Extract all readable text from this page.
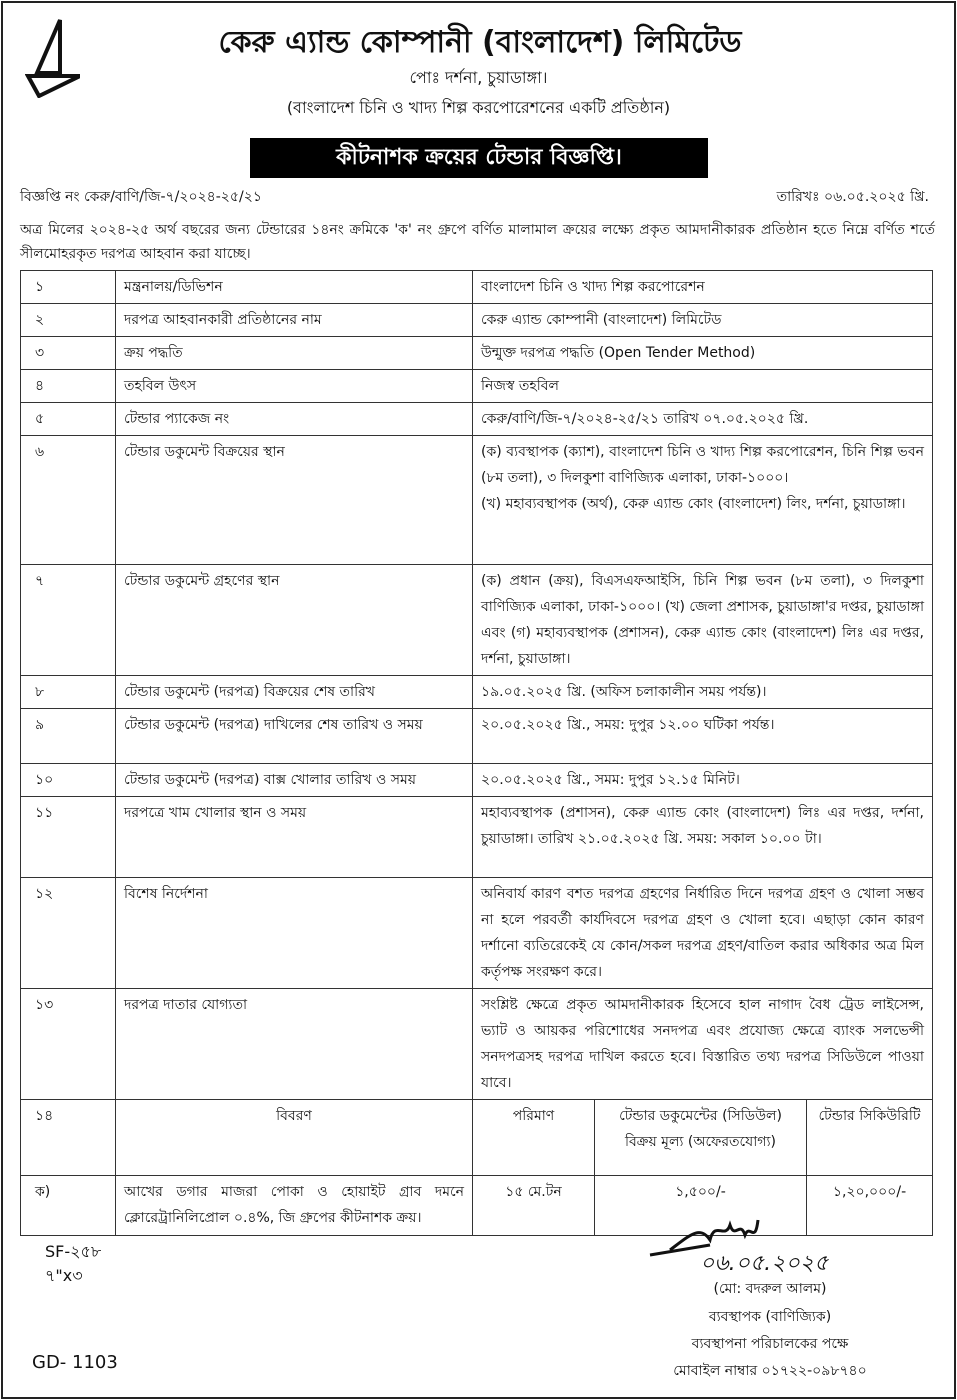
কেরু এ্যান্ড কোম্পানী (বাংলাদেশ) লিমিটেড
পোঃ দর্শনা, চুয়াডাঙ্গা।
(বাংলাদেশ চিনি ও খাদ্য শিল্প করপোরেশনের একটি প্রতিষ্ঠান)
কীটনাশক ক্রয়ের টেন্ডার বিজ্ঞপ্তি।
বিজ্ঞপ্তি নং কেরু/বাণি/জি-৭/২০২৪-২৫/২১	তারিখঃ ০৬.০৫.২০২৫ খ্রি.
অত্র মিলের ২০২৪-২৫ অর্থ বছরের জন্য টেন্ডারের ১৪নং ক্রমিকে 'ক' নং গ্রুপে বর্ণিত মালামাল ক্রয়ের লক্ষ্যে প্রকৃত আমদানীকারক প্রতিষ্ঠান হতে নিম্নে বর্ণিত শর্তে সীলমোহরকৃত দরপত্র আহবান করা যাচ্ছে।
১	মন্ত্রনালয়/ডিভিশন	বাংলাদেশ চিনি ও খাদ্য শিল্প করপোরেশন		

২	দরপত্র আহবানকারী প্রতিষ্ঠানের নাম	কেরু এ্যান্ড কোম্পানী (বাংলাদেশ) লিমিটেড		

৩	ক্রয় পদ্ধতি	উন্মুক্ত দরপত্র পদ্ধতি (Open Tender Method)		

৪	তহবিল উৎস	নিজস্ব তহবিল		

৫	টেন্ডার প্যাকেজ নং	কেরু/বাণি/জি-৭/২০২৪-২৫/২১ তারিখ ০৭.০৫.২০২৫ খ্রি.		

৬	টেন্ডার ডকুমেন্ট বিক্রয়ের স্থান	(ক) ব্যবস্থাপক (ক্যাশ), বাংলাদেশ চিনি ও খাদ্য শিল্প করপোরেশন, চিনি শিল্প ভবন (৮ম তলা), ৩ দিলকুশা বাণিজ্যিক এলাকা, ঢাকা-১০০০।
(খ) মহাব্যবস্থাপক (অর্থ), কেরু এ্যান্ড কোং (বাংলাদেশ) লিং, দর্শনা, চুয়াডাঙ্গা।		

৭	টেন্ডার ডকুমেন্ট গ্রহণের স্থান	(ক) প্রধান (ক্রয়), বিএসএফআইসি, চিনি শিল্প ভবন (৮ম তলা), ৩ দিলকুশা বাণিজ্যিক এলাকা, ঢাকা-১০০০। (খ) জেলা প্রশাসক, চুয়াডাঙ্গা'র দপ্তর, চুয়াডাঙ্গা এবং (গ) মহাব্যবস্থাপক (প্রশাসন), কেরু এ্যান্ড কোং (বাংলাদেশ) লিঃ এর দপ্তর, দর্শনা, চুয়াডাঙ্গা।		

৮	টেন্ডার ডকুমেন্ট (দরপত্র) বিক্রয়ের শেষ তারিখ	১৯.০৫.২০২৫ খ্রি. (অফিস চলাকালীন সময় পর্যন্ত)।		

৯	টেন্ডার ডকুমেন্ট (দরপত্র) দাখিলের শেষ তারিখ ও সময়	২০.০৫.২০২৫ খ্রি., সময়: দুপুর ১২.০০ ঘটিকা পর্যন্ত।		

১০	টেন্ডার ডকুমেন্ট (দরপত্র) বাক্স খোলার তারিখ ও সময়	২০.০৫.২০২৫ খ্রি., সমম: দুপুর ১২.১৫ মিনিট।		

১১	দরপত্রে খাম খোলার স্থান ও সময়	মহাব্যবস্থাপক (প্রশাসন), কেরু এ্যান্ড কোং (বাংলাদেশ) লিঃ এর দপ্তর, দর্শনা, চুয়াডাঙ্গা। তারিখ ২১.০৫.২০২৫ খ্রি. সময়: সকাল ১০.০০ টা।		

১২	বিশেষ নির্দেশনা	অনিবার্য কারণ বশত দরপত্র গ্রহণের নির্ধারিত দিনে দরপত্র গ্রহণ ও খোলা সম্ভব না হলে পরবর্তী কার্যদিবসে দরপত্র গ্রহণ ও খোলা হবে। এছাড়া কোন কারণ দর্শানো ব্যতিরেকেই যে কোন/সকল দরপত্র গ্রহণ/বাতিল করার অধিকার অত্র মিল কর্তৃপক্ষ সংরক্ষণ করে।		

১৩	দরপত্র দাতার যোগ্যতা	সংশ্লিষ্ট ক্ষেত্রে প্রকৃত আমদানীকারক হিসেবে হাল নাগাদ বৈধ ট্রেড লাইসেন্স, ভ্যাট ও আয়কর পরিশোধের সনদপত্র এবং প্রযোজ্য ক্ষেত্রে ব্যাংক সলভেন্সী সনদপত্রসহ দরপত্র দাখিল করতে হবে। বিস্তারিত তথ্য দরপত্র সিডিউলে পাওয়া যাবে।		

১৪	বিবরণ	পরিমাণ	টেন্ডার ডকুমেন্টের (সিডিউল) বিক্রয় মূল্য (অফেরতযোগ্য)	টেন্ডার সিকিউরিটি
ক)	আখের ডগার মাজরা পোকা ও হোয়াইট গ্রাব দমনে ক্লোরেট্রানিলিপ্রোল ০.৪%, জি গ্রুপের কীটনাশক ক্রয়।	১৫ মে.টন	১,৫০০/-	১,২০,০০০/-
SF-২৫৮
৭"x৩
GD- 1103
০৬.০৫.২০২৫
(মো: বদরুল আলম)
ব্যবস্থাপক (বাণিজ্যিক)
ব্যবস্থাপনা পরিচালকের পক্ষে
মোবাইল নাম্বার ০১৭২২-০৯৮৭৪০
